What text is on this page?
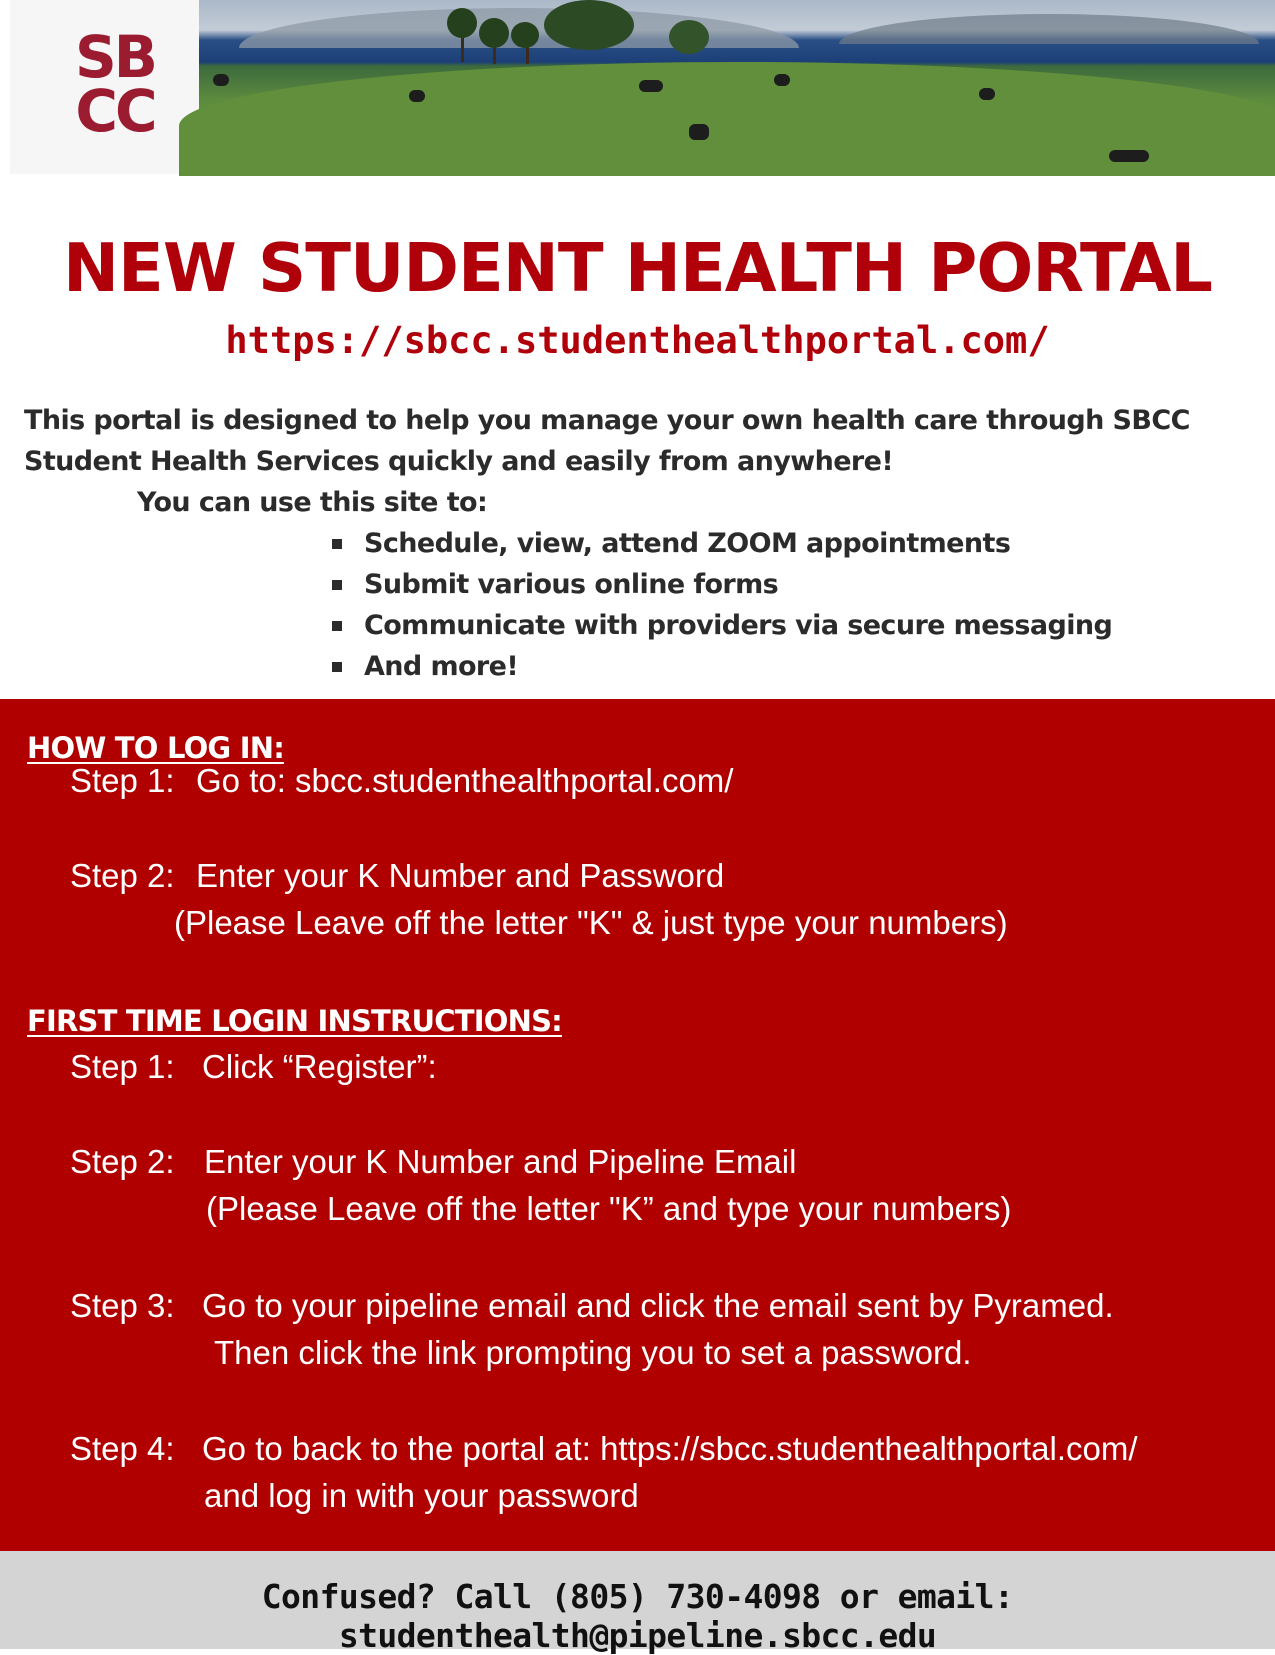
SB
CC
NEW STUDENT HEALTH PORTAL
https://sbcc.studenthealthportal.com/

This portal is designed to help you manage your own health care through SBCC

Student Health Services quickly and easily from anywhere!

You can use this site to:
Schedule, view, attend ZOOM appointments
Submit various online forms
Communicate with providers via secure messaging
And more!
HOW TO LOG IN:
Step 1: Go to: sbcc.studenthealthportal.com/
Step 2: Enter your K Number and Password
(Please Leave off the letter "K" & just type your numbers)
FIRST TIME LOGIN INSTRUCTIONS:
Step 1: Click “Register”:
Step 2: Enter your K Number and Pipeline Email
(Please Leave off the letter "K” and type your numbers)
Step 3: Go to your pipeline email and click the email sent by Pyramed.
Then click the link prompting you to set a password.
Step 4: Go to back to the portal at: https://sbcc.studenthealthportal.com/
and log in with your password
Confused? Call (805) 730-4098 or email: studenthealth@pipeline.sbcc.edu
